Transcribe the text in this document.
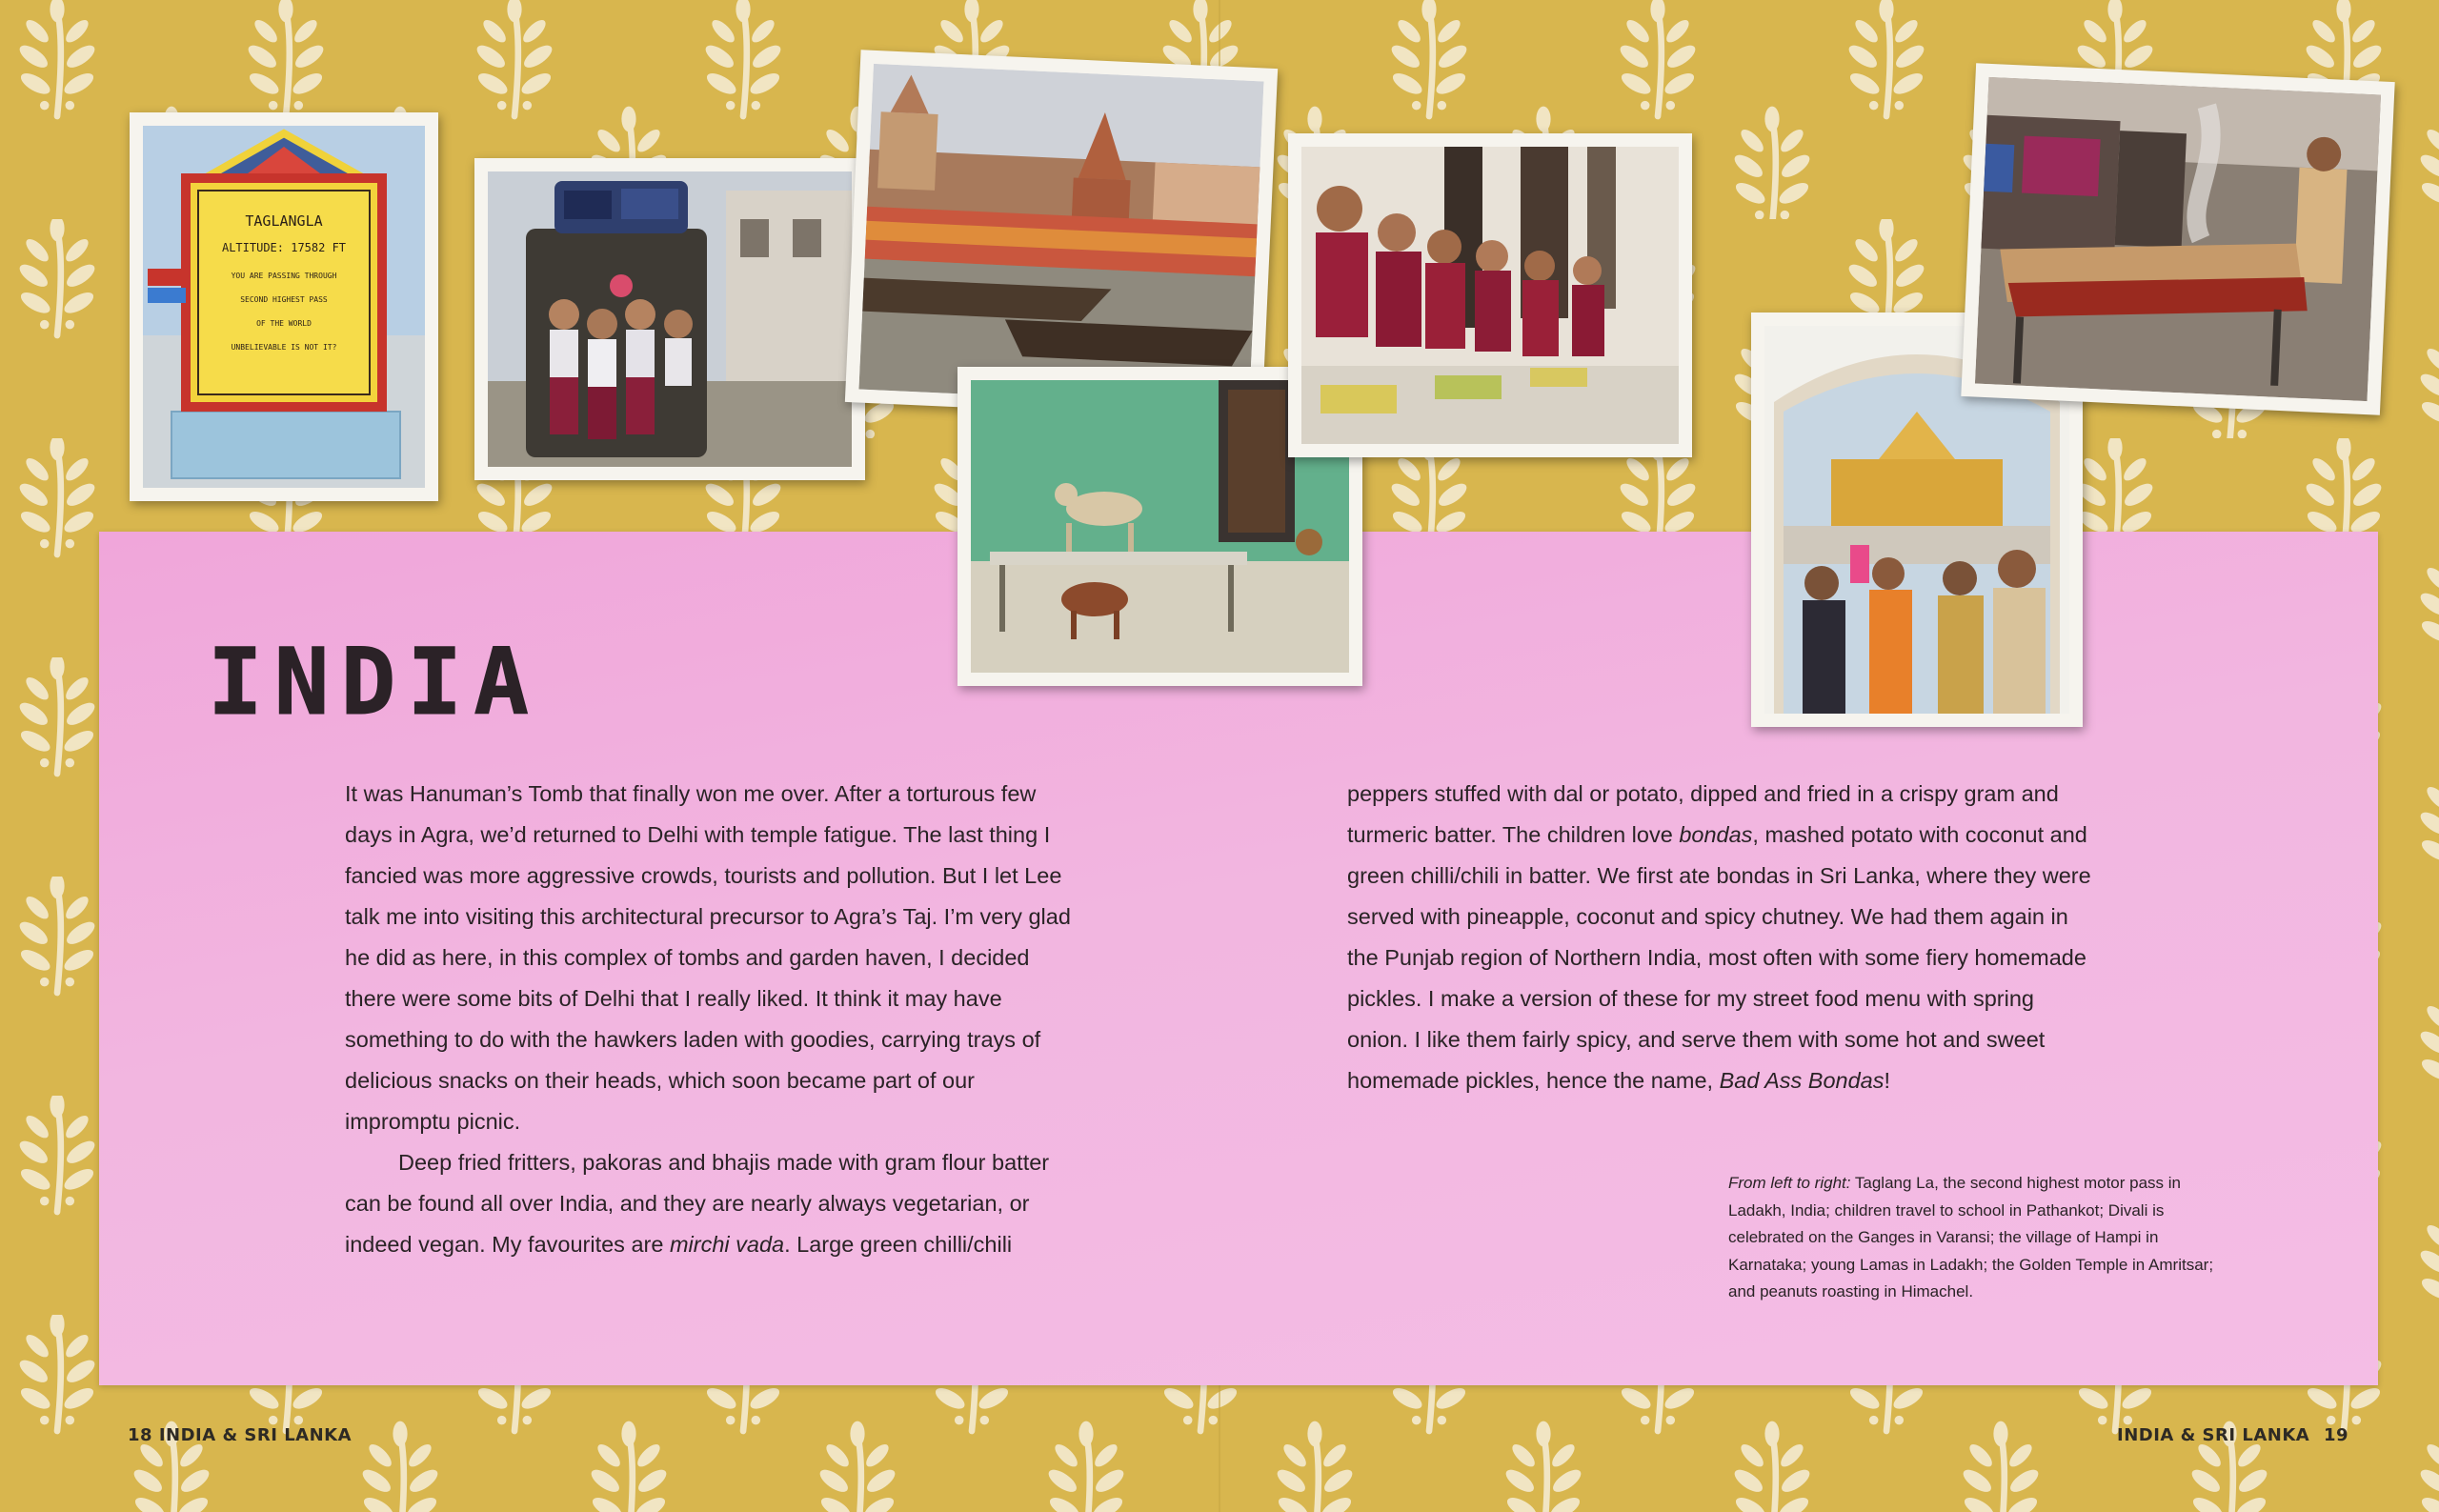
TAGLANGLA
ALTITUDE: 17582 FT
YOU ARE PASSING THROUGH
SECOND HIGHEST PASS
OF THE WORLD
UNBELIEVABLE IS NOT IT?
INDIA

It was Hanuman’s Tomb that finally won me over. After a torturous few days in Agra, we’d returned to Delhi with temple fatigue. The last thing I fancied was more aggressive crowds, tourists and pollution. But I let Lee talk me into visiting this architectural precursor to Agra’s Taj. I’m very glad he did as here, in this complex of tombs and garden haven, I decided there were some bits of Delhi that I really liked. It think it may have something to do with the hawkers laden with goodies, carrying trays of delicious snacks on their heads, which soon became part of our impromptu picnic.

Deep fried fritters, pakoras and bhajis made with gram flour batter can be found all over India, and they are nearly always vegetarian, or indeed vegan. My favourites are mirchi vada. Large green chilli/chili

peppers stuffed with dal or potato, dipped and fried in a crispy gram and turmeric batter. The children love bondas, mashed potato with coconut and green chilli/chili in batter. We first ate bondas in Sri Lanka, where they were served with pineapple, coconut and spicy chutney. We had them again in the Punjab region of Northern India, most often with some fiery homemade pickles. I make a version of these for my street food menu with spring onion. I like them fairly spicy, and serve them with some hot and sweet homemade pickles, hence the name, Bad Ass Bondas!

From left to right: Taglang La, the second highest motor pass in Ladakh, India; children travel to school in Pathankot; Divali is celebrated on the Ganges in Varansi; the village of Hampi in Karnataka; young Lamas in Ladakh; the Golden Temple in Amritsar; and peanuts roasting in Himachel.
18 INDIA & SRI LANKA	INDIA & SRI LANKA 19
